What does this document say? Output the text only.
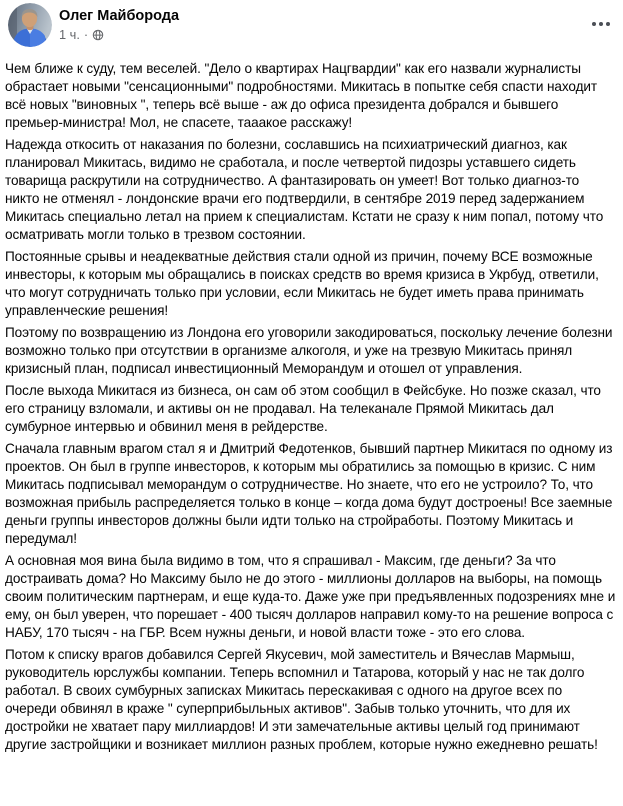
Олег Майборода
1 ч. ·

Чем ближе к суду, тем веселей. "Дело о квартирах Нацгвардии" как его назвали журналисты обрастает новыми "сенсационными" подробностями. Микитась в попытке себя спасти находит всё новых "виновных ", теперь всё выше - аж до офиса президента добрался и бывшего премьер-министра! Мол, не спасете, тааакое расскажу!

Надежда откосить от наказания по болезни, сославшись на психиатрический диагноз, как планировал Микитась, видимо не сработала, и после четвертой пидозры уставшего сидеть товарища раскрутили на сотрудничество. А фантазировать он умеет! Вот только диагноз-то никто не отменял - лондонские врачи его подтвердили, в сентябре 2019 перед задержанием Микитась специально летал на прием к специалистам. Кстати не сразу к ним попал, потому что осматривать могли только в трезвом состоянии.

Постоянные срывы и неадекватные действия стали одной из причин, почему ВСЕ возможные инвесторы, к которым мы обращались в поисках средств во время кризиса в Укрбуд, ответили, что могут сотрудничать только при условии, если Микитась не будет иметь права принимать управленческие решения!

Поэтому по возвращению из Лондона его уговорили закодироваться, поскольку лечение болезни возможно только при отсутствии в организме алкоголя, и уже на трезвую Микитась принял кризисный план, подписал инвестиционный Меморандум и отошел от управления.

После выхода Микитася из бизнеса, он сам об этом сообщил в Фейсбуке. Но позже сказал, что его страницу взломали, и активы он не продавал. На телеканале Прямой Микитась дал сумбурное интервью и обвинил меня в рейдерстве.

Сначала главным врагом стал я и Дмитрий Федотенков, бывший партнер Микитася по одному из проектов. Он был в группе инвесторов, к которым мы обратились за помощью в кризис. С ним Микитась подписывал меморандум о сотрудничестве. Но знаете, что его не устроило? То, что возможная прибыль распределяется только в конце – когда дома будут достроены! Все заемные деньги группы инвесторов должны были идти только на стройработы. Поэтому Микитась и передумал!

А основная моя вина была видимо в том, что я спрашивал - Максим, где деньги? За что достраивать дома? Но Максиму было не до этого - миллионы долларов на выборы, на помощь своим политическим партнерам, и еще куда-то. Даже уже при предъявленных подозрениях мне и ему, он был уверен, что порешает - 400 тысяч долларов направил кому-то на решение вопроса с НАБУ, 170 тысяч - на ГБР. Всем нужны деньги, и новой власти тоже - это его слова.

Потом к списку врагов добавился Сергей Якусевич, мой заместитель и Вячеслав Мармыш, руководитель юрслужбы компании. Теперь вспомнил и Татарова, который у нас не так долго работал. В своих сумбурных записках Микитась перескакивая с одного на другое всех по очереди обвинял в краже " суперприбыльных активов". Забыв только уточнить, что для их достройки не хватает пару миллиардов! И эти замечательные активы целый год принимают другие застройщики и возникает миллион разных проблем, которые нужно ежедневно решать!
